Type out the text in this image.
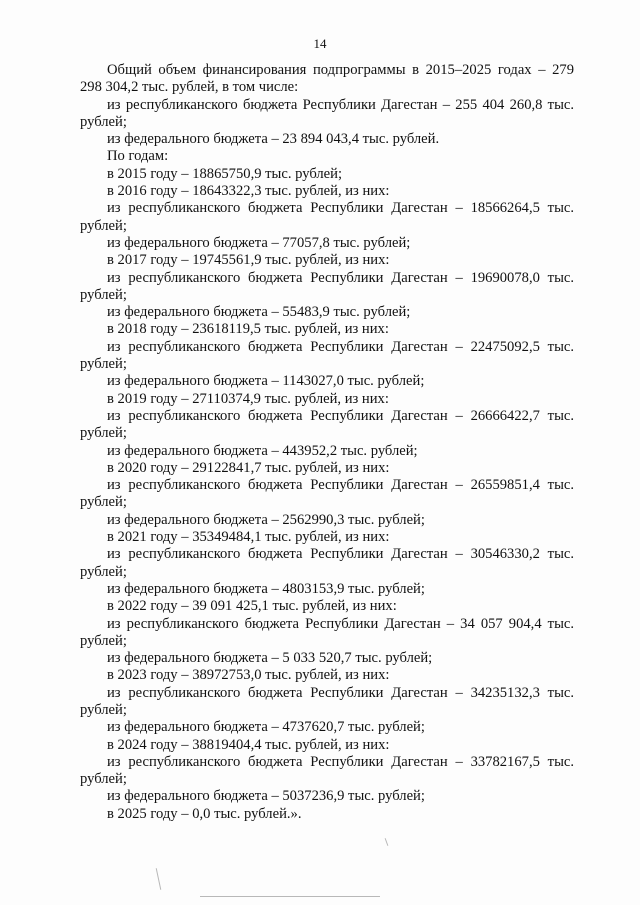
14

Общий объем финансирования подпрограммы в 2015–2025 годах – 279 298 304,2 тыс. рублей, в том числе:

из республиканского бюджета Республики Дагестан – 255 404 260,8 тыс. рублей;

из федерального бюджета – 23 894 043,4 тыс. рублей.

По годам:

в 2015 году – 18865750,9 тыс. рублей;

в 2016 году – 18643322,3 тыс. рублей, из них:

из республиканского бюджета Республики Дагестан – 18566264,5 тыс. рублей;

из федерального бюджета – 77057,8 тыс. рублей;

в 2017 году – 19745561,9 тыс. рублей, из них:

из республиканского бюджета Республики Дагестан – 19690078,0 тыс. рублей;

из федерального бюджета – 55483,9 тыс. рублей;

в 2018 году – 23618119,5 тыс. рублей, из них:

из республиканского бюджета Республики Дагестан – 22475092,5 тыс. рублей;

из федерального бюджета – 1143027,0 тыс. рублей;

в 2019 году – 27110374,9 тыс. рублей, из них:

из республиканского бюджета Республики Дагестан – 26666422,7 тыс. рублей;

из федерального бюджета – 443952,2 тыс. рублей;

в 2020 году – 29122841,7 тыс. рублей, из них:

из республиканского бюджета Республики Дагестан – 26559851,4 тыс. рублей;

из федерального бюджета – 2562990,3 тыс. рублей;

в 2021 году – 35349484,1 тыс. рублей, из них:

из республиканского бюджета Республики Дагестан – 30546330,2 тыс. рублей;

из федерального бюджета – 4803153,9 тыс. рублей;

в 2022 году – 39 091 425,1 тыс. рублей, из них:

из республиканского бюджета Республики Дагестан – 34 057 904,4 тыс. рублей;

из федерального бюджета – 5 033 520,7 тыс. рублей;

в 2023 году – 38972753,0 тыс. рублей, из них:

из республиканского бюджета Республики Дагестан – 34235132,3 тыс. рублей;

из федерального бюджета – 4737620,7 тыс. рублей;

в 2024 году – 38819404,4 тыс. рублей, из них:

из республиканского бюджета Республики Дагестан – 33782167,5 тыс. рублей;

из федерального бюджета – 5037236,9 тыс. рублей;

в 2025 году – 0,0 тыс. рублей.».
